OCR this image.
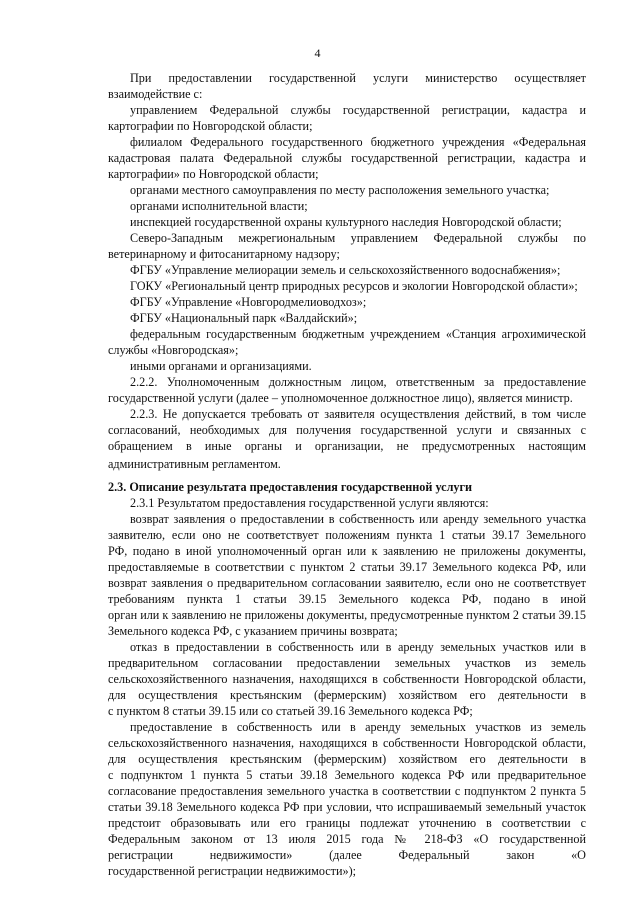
4
При предоставлении государственной услуги министерство осуществляет
взаимодействие с:
управлением Федеральной службы государственной регистрации, кадастра и
картографии по Новгородской области;
филиалом Федерального государственного бюджетного учреждения «Федеральная
кадастровая палата Федеральной службы государственной регистрации, кадастра и
картографии» по Новгородской области;
органами местного самоуправления по месту расположения земельного участка;
органами исполнительной власти;
инспекцией государственной охраны культурного наследия Новгородской области;
Северо-Западным межрегиональным управлением Федеральной службы по
ветеринарному и фитосанитарному надзору;
ФГБУ «Управление мелиорации земель и сельскохозяйственного водоснабжения»;
ГОКУ «Региональный центр природных ресурсов и экологии Новгородской области»;
ФГБУ «Управление «Новгородмелиоводхоз»;
ФГБУ «Национальный парк «Валдайский»;
федеральным государственным бюджетным учреждением «Станция агрохимической
службы «Новгородская»;
иными органами и организациями.
2.2.2. Уполномоченным должностным лицом, ответственным за предоставление
государственной услуги (далее – уполномоченное должностное лицо), является министр.
2.2.3. Не допускается требовать от заявителя осуществления действий, в том числе
согласований, необходимых для получения государственной услуги и связанных с
обращением в иные органы и организации, не предусмотренных настоящим
административным регламентом.
2.3. Описание результата предоставления государственной услуги
2.3.1 Результатом предоставления государственной услуги являются:
возврат заявления о предоставлении в собственность или аренду земельного участка
заявителю, если оно не соответствует положениям пункта 1 статьи 39.17 Земельного
РФ, подано в иной уполномоченный орган или к заявлению не приложены документы,
предоставляемые в соответствии с пунктом 2 статьи 39.17 Земельного кодекса РФ, или
возврат заявления о предварительном согласовании заявителю, если оно не соответствует
требованиям пункта 1 статьи 39.15 Земельного кодекса РФ, подано в иной
орган или к заявлению не приложены документы, предусмотренные пунктом 2 статьи 39.15
Земельного кодекса РФ, с указанием причины возврата;
отказ в предоставлении в собственность или в аренду земельных участков или в
предварительном согласовании предоставлении земельных участков из земель
сельскохозяйственного назначения, находящихся в собственности Новгородской области,
для осуществления крестьянским (фермерским) хозяйством его деятельности в
с пунктом 8 статьи 39.15 или со статьей 39.16 Земельного кодекса РФ;
предоставление в собственность или в аренду земельных участков из земель
сельскохозяйственного назначения, находящихся в собственности Новгородской области,
для осуществления крестьянским (фермерским) хозяйством его деятельности в
с подпунктом 1 пункта 5 статьи 39.18 Земельного кодекса РФ или предварительное
согласование предоставления земельного участка в соответствии с подпунктом 2 пункта 5
статьи 39.18 Земельного кодекса РФ при условии, что испрашиваемый земельный участок
предстоит образовывать или его границы подлежат уточнению в соответствии с
Федеральным законом от 13 июля 2015 года № 218-ФЗ «О государственной
регистрации недвижимости» (далее Федеральный закон «О
государственной регистрации недвижимости»);
